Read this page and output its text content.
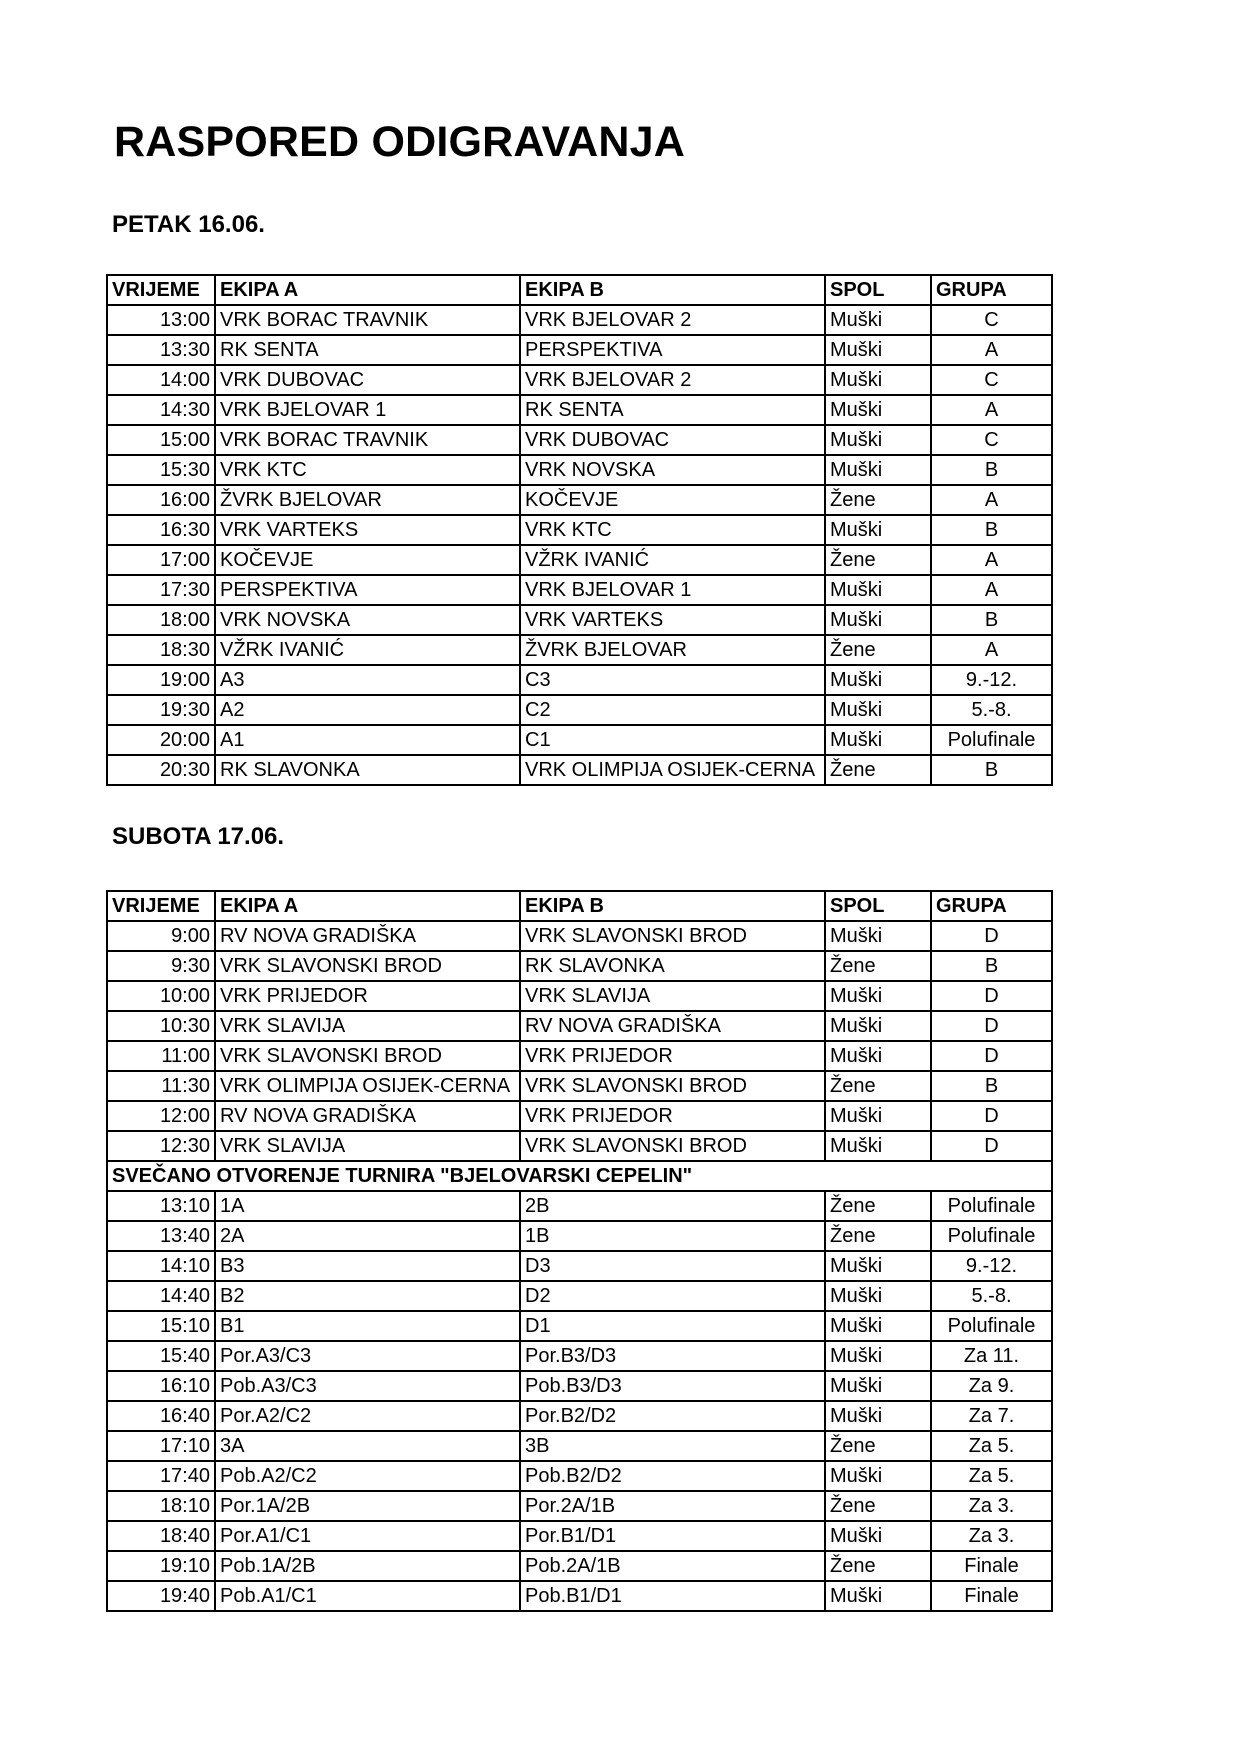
RASPORED ODIGRAVANJA
PETAK 16.06.
VRIJEME	EKIPA A	EKIPA B	SPOL	GRUPA
13:00	VRK BORAC TRAVNIK	VRK BJELOVAR 2	Muški	C
13:30	RK SENTA	PERSPEKTIVA	Muški	A
14:00	VRK DUBOVAC	VRK BJELOVAR 2	Muški	C
14:30	VRK BJELOVAR 1	RK SENTA	Muški	A
15:00	VRK BORAC TRAVNIK	VRK DUBOVAC	Muški	C
15:30	VRK KTC	VRK NOVSKA	Muški	B
16:00	ŽVRK BJELOVAR	KOČEVJE	Žene	A
16:30	VRK VARTEKS	VRK KTC	Muški	B
17:00	KOČEVJE	VŽRK IVANIĆ	Žene	A
17:30	PERSPEKTIVA	VRK BJELOVAR 1	Muški	A
18:00	VRK NOVSKA	VRK VARTEKS	Muški	B
18:30	VŽRK IVANIĆ	ŽVRK BJELOVAR	Žene	A
19:00	A3	C3	Muški	9.-12.
19:30	A2	C2	Muški	5.-8.
20:00	A1	C1	Muški	Polufinale
20:30	RK SLAVONKA	VRK OLIMPIJA OSIJEK-CERNA	Žene	B
SUBOTA 17.06.
VRIJEME	EKIPA A	EKIPA B	SPOL	GRUPA
9:00	RV NOVA GRADIŠKA	VRK SLAVONSKI BROD	Muški	D
9:30	VRK SLAVONSKI BROD	RK SLAVONKA	Žene	B
10:00	VRK PRIJEDOR	VRK SLAVIJA	Muški	D
10:30	VRK SLAVIJA	RV NOVA GRADIŠKA	Muški	D
11:00	VRK SLAVONSKI BROD	VRK PRIJEDOR	Muški	D
11:30	VRK OLIMPIJA OSIJEK-CERNA	VRK SLAVONSKI BROD	Žene	B
12:00	RV NOVA GRADIŠKA	VRK PRIJEDOR	Muški	D
12:30	VRK SLAVIJA	VRK SLAVONSKI BROD	Muški	D
SVEČANO OTVORENJE TURNIRA "BJELOVARSKI CEPELIN"				
13:10	1A	2B	Žene	Polufinale
13:40	2A	1B	Žene	Polufinale
14:10	B3	D3	Muški	9.-12.
14:40	B2	D2	Muški	5.-8.
15:10	B1	D1	Muški	Polufinale
15:40	Por.A3/C3	Por.B3/D3	Muški	Za 11.
16:10	Pob.A3/C3	Pob.B3/D3	Muški	Za 9.
16:40	Por.A2/C2	Por.B2/D2	Muški	Za 7.
17:10	3A	3B	Žene	Za 5.
17:40	Pob.A2/C2	Pob.B2/D2	Muški	Za 5.
18:10	Por.1A/2B	Por.2A/1B	Žene	Za 3.
18:40	Por.A1/C1	Por.B1/D1	Muški	Za 3.
19:10	Pob.1A/2B	Pob.2A/1B	Žene	Finale
19:40	Pob.A1/C1	Pob.B1/D1	Muški	Finale
